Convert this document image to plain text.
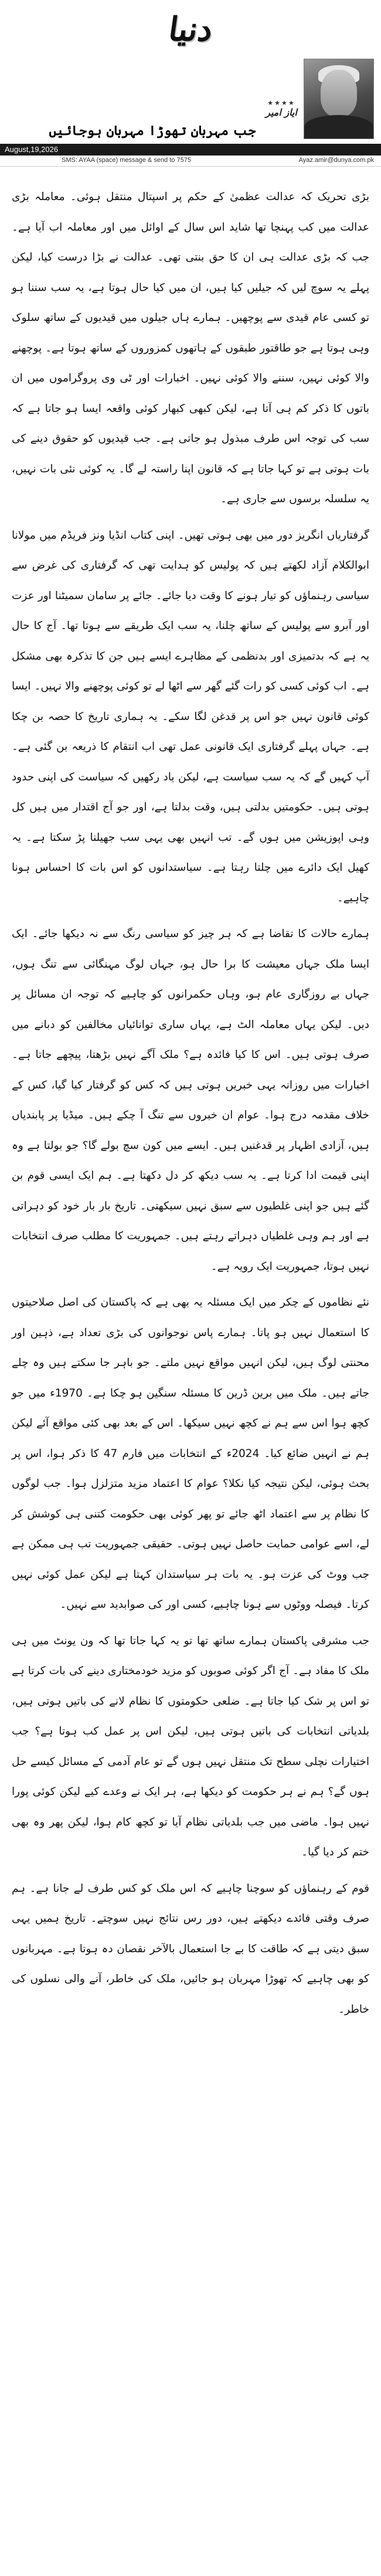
دنیا
★★★★
ایاز امیر
جب مہربان تھوڑا مہربان ہوجائیں
August,19,2026
SMS: AYAA (space) message & send to 7575	Ayaz.amir@dunya.com.pk

بڑی تحریک کہ عدالت عظمیٰ کے حکم پر اسپتال منتقل ہوئی۔ معاملہ بڑی عدالت میں کب پہنچا تھا شاید اس سال کے اوائل میں اور معاملہ اب آیا ہے۔ جب کہ بڑی عدالت ہی ان کا حق بنتی تھی۔ عدالت نے بڑا درست کیا، لیکن پہلے یہ سوچ لیں کہ جیلیں کیا ہیں، ان میں کیا حال ہوتا ہے، یہ سب سننا ہو تو کسی عام قیدی سے پوچھیں۔ ہمارے ہاں جیلوں میں قیدیوں کے ساتھ سلوک وہی ہوتا ہے جو طاقتور طبقوں کے ہاتھوں کمزوروں کے ساتھ ہوتا ہے۔ پوچھنے والا کوئی نہیں، سننے والا کوئی نہیں۔ اخبارات اور ٹی وی پروگراموں میں ان باتوں کا ذکر کم ہی آتا ہے، لیکن کبھی کبھار کوئی واقعہ ایسا ہو جاتا ہے کہ سب کی توجہ اس طرف مبذول ہو جاتی ہے۔ جب قیدیوں کو حقوق دینے کی بات ہوتی ہے تو کہا جاتا ہے کہ قانون اپنا راستہ لے گا۔ یہ کوئی نئی بات نہیں، یہ سلسلہ برسوں سے جاری ہے۔

گرفتاریاں انگریز دور میں بھی ہوتی تھیں۔ اپنی کتاب انڈیا ونز فریڈم میں مولانا ابوالکلام آزاد لکھتے ہیں کہ پولیس کو ہدایت تھی کہ گرفتاری کی غرض سے سیاسی رہنماؤں کو تیار ہونے کا وقت دیا جائے۔ جائے پر سامان سمیٹنا اور عزت اور آبرو سے پولیس کے ساتھ چلنا، یہ سب ایک طریقے سے ہوتا تھا۔ آج کا حال یہ ہے کہ بدتمیزی اور بدنظمی کے مظاہرے ایسے ہیں جن کا تذکرہ بھی مشکل ہے۔ اب کوئی کسی کو رات گئے گھر سے اٹھا لے تو کوئی پوچھنے والا نہیں۔ ایسا کوئی قانون نہیں جو اس پر قدغن لگا سکے۔ یہ ہماری تاریخ کا حصہ بن چکا ہے۔ جہاں پہلے گرفتاری ایک قانونی عمل تھی اب انتقام کا ذریعہ بن گئی ہے۔ آپ کہیں گے کہ یہ سب سیاست ہے، لیکن یاد رکھیں کہ سیاست کی اپنی حدود ہوتی ہیں۔ حکومتیں بدلتی ہیں، وقت بدلتا ہے، اور جو آج اقتدار میں ہیں کل وہی اپوزیشن میں ہوں گے۔ تب انہیں بھی یہی سب جھیلنا پڑ سکتا ہے۔ یہ کھیل ایک دائرے میں چلتا رہتا ہے۔ سیاستدانوں کو اس بات کا احساس ہونا چاہیے۔

ہمارے حالات کا تقاضا ہے کہ ہر چیز کو سیاسی رنگ سے نہ دیکھا جائے۔ ایک ایسا ملک جہاں معیشت کا برا حال ہو، جہاں لوگ مہنگائی سے تنگ ہوں، جہاں بے روزگاری عام ہو، وہاں حکمرانوں کو چاہیے کہ توجہ ان مسائل پر دیں۔ لیکن یہاں معاملہ الٹ ہے، یہاں ساری توانائیاں مخالفین کو دبانے میں صرف ہوتی ہیں۔ اس کا کیا فائدہ ہے؟ ملک آگے نہیں بڑھتا، پیچھے جاتا ہے۔ اخبارات میں روزانہ یہی خبریں ہوتی ہیں کہ کس کو گرفتار کیا گیا، کس کے خلاف مقدمہ درج ہوا۔ عوام ان خبروں سے تنگ آ چکے ہیں۔ میڈیا پر پابندیاں ہیں، آزادی اظہار پر قدغنیں ہیں۔ ایسے میں کون سچ بولے گا؟ جو بولتا ہے وہ اپنی قیمت ادا کرتا ہے۔ یہ سب دیکھ کر دل دکھتا ہے۔ ہم ایک ایسی قوم بن گئے ہیں جو اپنی غلطیوں سے سبق نہیں سیکھتی۔ تاریخ بار بار خود کو دہراتی ہے اور ہم وہی غلطیاں دہراتے رہتے ہیں۔ جمہوریت کا مطلب صرف انتخابات نہیں ہوتا، جمہوریت ایک رویہ ہے۔

نئے نظاموں کے چکر میں ایک مسئلہ یہ بھی ہے کہ پاکستان کی اصل صلاحیتوں کا استعمال نہیں ہو پاتا۔ ہمارے پاس نوجوانوں کی بڑی تعداد ہے، ذہین اور محنتی لوگ ہیں، لیکن انہیں مواقع نہیں ملتے۔ جو باہر جا سکتے ہیں وہ چلے جاتے ہیں۔ ملک میں برین ڈرین کا مسئلہ سنگین ہو چکا ہے۔ 1970ء میں جو کچھ ہوا اس سے ہم نے کچھ نہیں سیکھا۔ اس کے بعد بھی کئی مواقع آئے لیکن ہم نے انہیں ضائع کیا۔ 2024ء کے انتخابات میں فارم 47 کا ذکر ہوا، اس پر بحث ہوئی، لیکن نتیجہ کیا نکلا؟ عوام کا اعتماد مزید متزلزل ہوا۔ جب لوگوں کا نظام پر سے اعتماد اٹھ جائے تو پھر کوئی بھی حکومت کتنی ہی کوشش کر لے، اسے عوامی حمایت حاصل نہیں ہوتی۔ حقیقی جمہوریت تب ہی ممکن ہے جب ووٹ کی عزت ہو۔ یہ بات ہر سیاستدان کہتا ہے لیکن عمل کوئی نہیں کرتا۔ فیصلہ ووٹوں سے ہونا چاہیے، کسی اور کی صوابدید سے نہیں۔

جب مشرقی پاکستان ہمارے ساتھ تھا تو یہ کہا جاتا تھا کہ ون یونٹ میں ہی ملک کا مفاد ہے۔ آج اگر کوئی صوبوں کو مزید خودمختاری دینے کی بات کرتا ہے تو اس پر شک کیا جاتا ہے۔ ضلعی حکومتوں کا نظام لانے کی باتیں ہوتی ہیں، بلدیاتی انتخابات کی باتیں ہوتی ہیں، لیکن اس پر عمل کب ہوتا ہے؟ جب اختیارات نچلی سطح تک منتقل نہیں ہوں گے تو عام آدمی کے مسائل کیسے حل ہوں گے؟ ہم نے ہر حکومت کو دیکھا ہے، ہر ایک نے وعدے کیے لیکن کوئی پورا نہیں ہوا۔ ماضی میں جب بلدیاتی نظام آیا تو کچھ کام ہوا، لیکن پھر وہ بھی ختم کر دیا گیا۔

قوم کے رہنماؤں کو سوچنا چاہیے کہ اس ملک کو کس طرف لے جانا ہے۔ ہم صرف وقتی فائدے دیکھتے ہیں، دور رس نتائج نہیں سوچتے۔ تاریخ ہمیں یہی سبق دیتی ہے کہ طاقت کا بے جا استعمال بالآخر نقصان دہ ہوتا ہے۔ مہربانوں کو بھی چاہیے کہ تھوڑا مہربان ہو جائیں، ملک کی خاطر، آنے والی نسلوں کی خاطر۔
